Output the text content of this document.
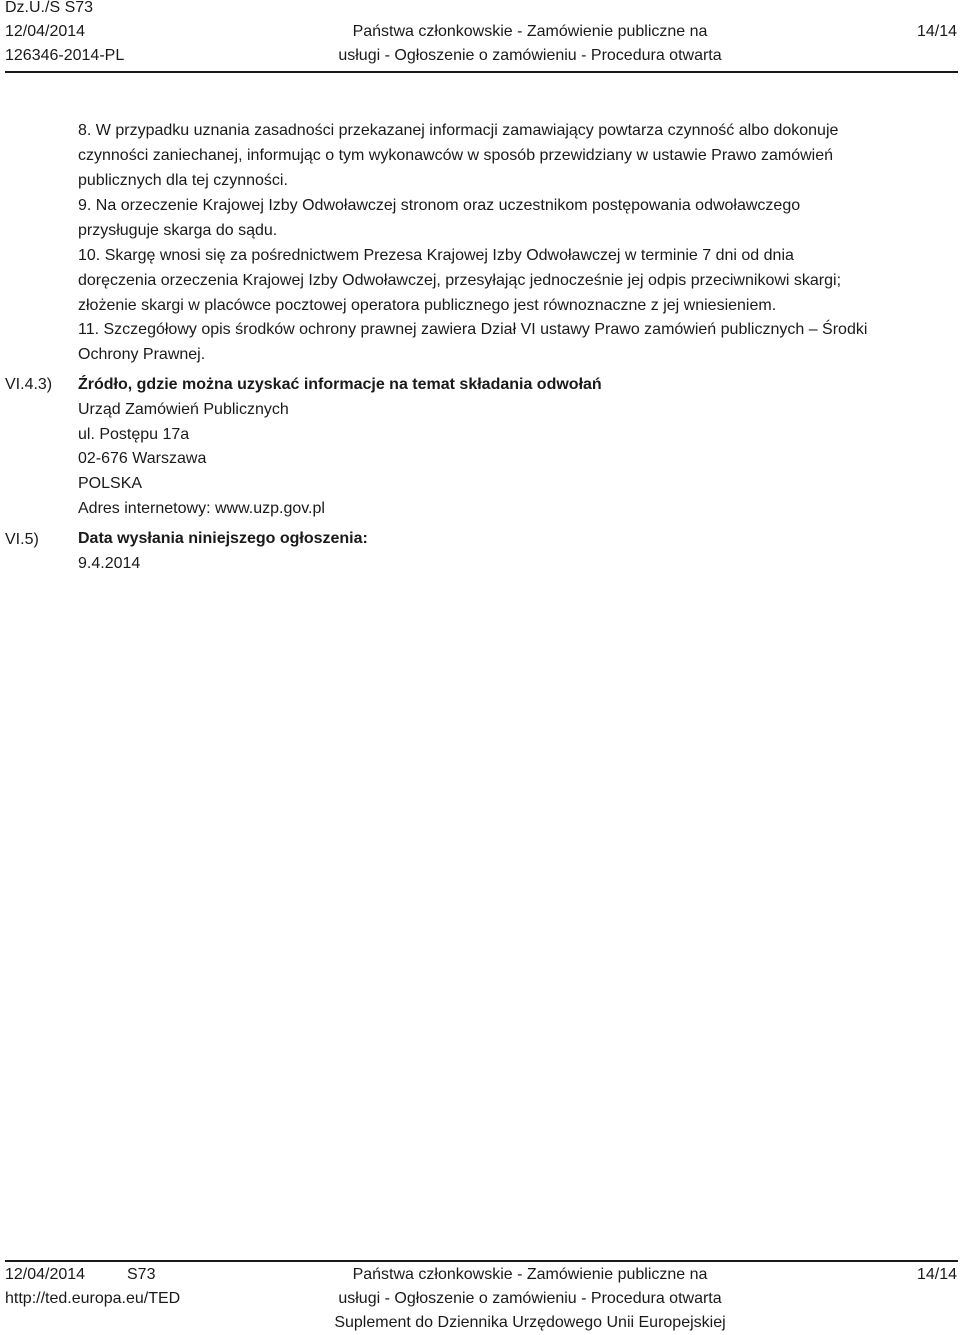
Dz.U./S S73
12/04/2014
126346-2014-PL
Państwa członkowskie - Zamówienie publiczne na
usługi - Ogłoszenie o zamówieniu - Procedura otwarta
14/14
8. W przypadku uznania zasadności przekazanej informacji zamawiający powtarza czynność albo dokonuje
czynności zaniechanej, informując o tym wykonawców w sposób przewidziany w ustawie Prawo zamówień
publicznych dla tej czynności.
9. Na orzeczenie Krajowej Izby Odwoławczej stronom oraz uczestnikom postępowania odwoławczego
przysługuje skarga do sądu.
10. Skargę wnosi się za pośrednictwem Prezesa Krajowej Izby Odwoławczej w terminie 7 dni od dnia
doręczenia orzeczenia Krajowej Izby Odwoławczej, przesyłając jednocześnie jej odpis przeciwnikowi skargi;
złożenie skargi w placówce pocztowej operatora publicznego jest równoznaczne z jej wniesieniem.
11. Szczegółowy opis środków ochrony prawnej zawiera Dział VI ustawy Prawo zamówień publicznych – Środki
Ochrony Prawnej.
VI.4.3) Źródło, gdzie można uzyskać informacje na temat składania odwołań
Urząd Zamówień Publicznych
ul. Postępu 17a
02-676 Warszawa
POLSKA
Adres internetowy: www.uzp.gov.pl
VI.5) Data wysłania niniejszego ogłoszenia:
9.4.2014
12/04/2014	S73
http://ted.europa.eu/TED
Państwa członkowskie - Zamówienie publiczne na
usługi - Ogłoszenie o zamówieniu - Procedura otwarta
Suplement do Dziennika Urzędowego Unii Europejskiej
14/14
